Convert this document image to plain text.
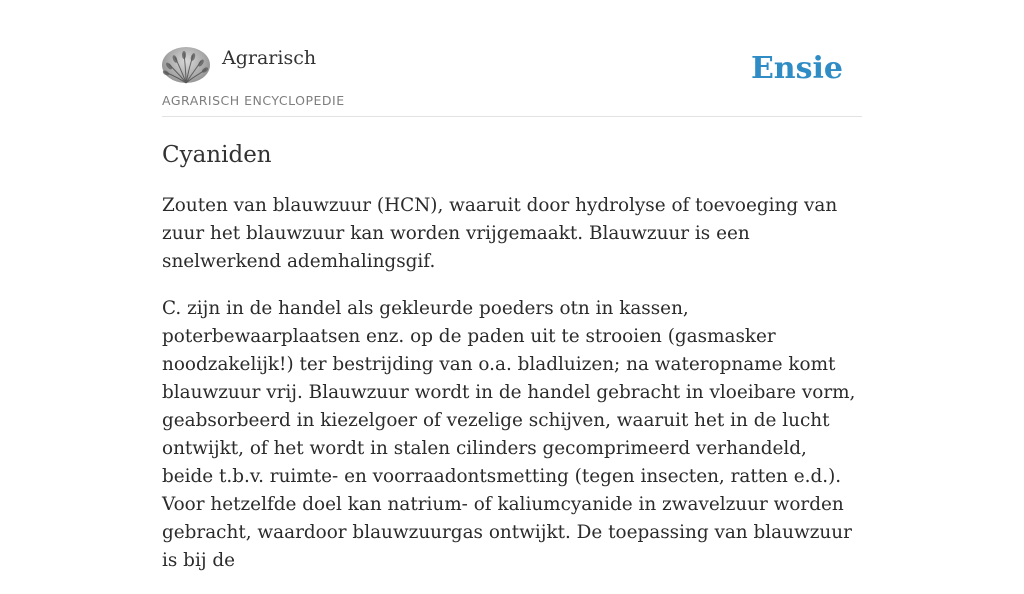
Agrarisch
AGRARISCH ENCYCLOPEDIE
Ensie
Cyaniden

Zouten van blauwzuur (HCN), waaruit door hydrolyse of toevoeging van zuur het blauwzuur kan worden vrijgemaakt. Blauwzuur is een snelwerkend ademhalingsgif.

C. zijn in de handel als gekleurde poeders otn in kassen, poterbewaarplaatsen enz. op de paden uit te strooien (gasmasker noodzakelijk!) ter bestrijding van o.a. bladluizen; na wateropname komt blauwzuur vrij. Blauwzuur wordt in de handel gebracht in vloeibare vorm, geabsorbeerd in kiezelgoer of vezelige schijven, waaruit het in de lucht ontwijkt, of het wordt in stalen cilinders gecomprimeerd verhandeld, beide t.b.v. ruimte- en voorraadontsmetting (tegen insecten, ratten e.d.). Voor hetzelfde doel kan natrium- of kaliumcyanide in zwavelzuur worden gebracht, waardoor blauwzuurgas ontwijkt. De toepassing van blauwzuur is bij de
